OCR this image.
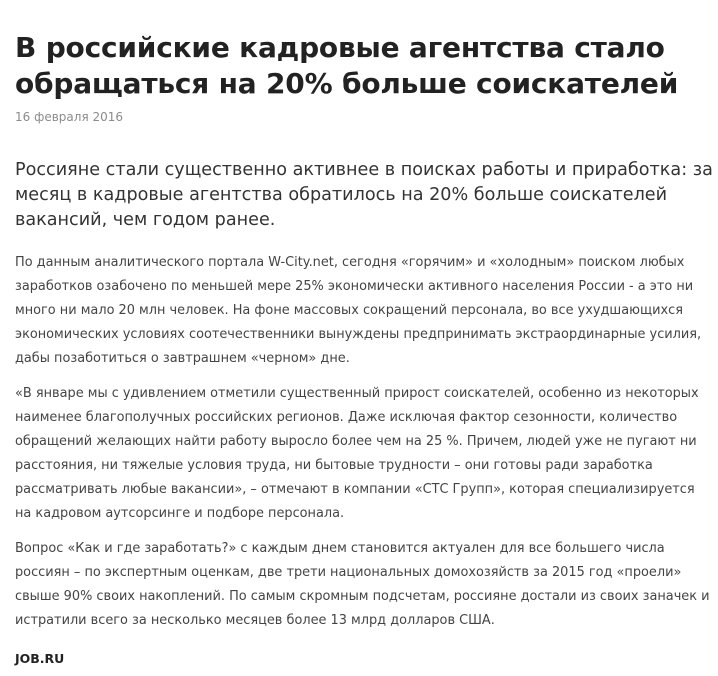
В российские кадровые агентства стало обращаться на 20% больше соискателей
16 февраля 2016

Россияне стали существенно активнее в поисках работы и приработка: за месяц в кадровые агентства обратилось на 20% больше соискателей вакансий, чем годом ранее.

По данным аналитического портала W-City.net, сегодня «горячим» и «холодным» поиском любых заработков озабочено по меньшей мере 25% экономически активного населения России - а это ни много ни мало 20 млн человек. На фоне массовых сокращений персонала, во все ухудшающихся экономических условиях соотечественники вынуждены предпринимать экстраординарные усилия, дабы позаботиться о завтрашнем «черном» дне.

«В январе мы с удивлением отметили существенный прирост соискателей, особенно из некоторых наименее благополучных российских регионов. Даже исключая фактор сезонности, количество обращений желающих найти работу выросло более чем на 25 %. Причем, людей уже не пугают ни расстояния, ни тяжелые условия труда, ни бытовые трудности – они готовы ради заработка рассматривать любые вакансии», – отмечают в компании «СТС Групп», которая специализируется на кадровом аутсорсинге и подборе персонала.

Вопрос «Как и где заработать?» с каждым днем становится актуален для все большего числа россиян – по экспертным оценкам, две трети национальных домохозяйств за 2015 год «проели» свыше 90% своих накоплений. По самым скромным подсчетам, россияне достали из своих заначек и истратили всего за несколько месяцев более 13 млрд долларов США.

JOB.RU
